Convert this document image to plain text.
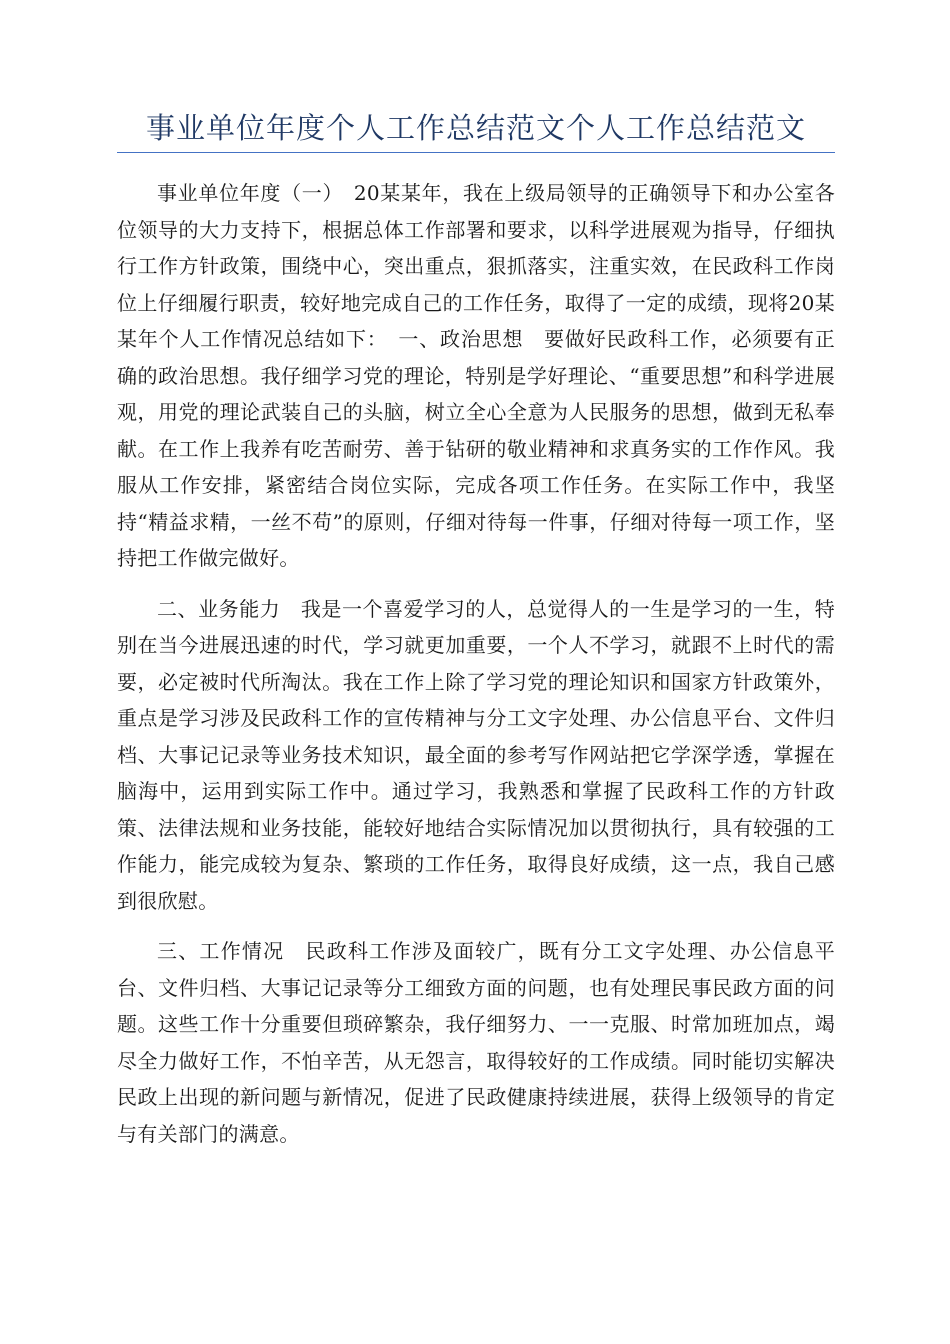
事业单位年度个人工作总结范文个人工作总结范文

事业单位年度（一）　20某某年，我在上级局领导的正确领导下和办公室各位领导的大力支持下，根据总体工作部署和要求，以科学进展观为指导，仔细执行工作方针政策，围绕中心，突出重点，狠抓落实，注重实效，在民政科工作岗位上仔细履行职责，较好地完成自己的工作任务，取得了一定的成绩，现将20某某年个人工作情况总结如下：　一、政治思想　要做好民政科工作，必须要有正确的政治思想。我仔细学习党的理论，特别是学好理论、“重要思想”和科学进展观，用党的理论武装自己的头脑，树立全心全意为人民服务的思想，做到无私奉献。在工作上我养有吃苦耐劳、善于钻研的敬业精神和求真务实的工作作风。我服从工作安排，紧密结合岗位实际，完成各项工作任务。在实际工作中，我坚持“精益求精，一丝不苟”的原则，仔细对待每一件事，仔细对待每一项工作，坚持把工作做完做好。

二、业务能力　我是一个喜爱学习的人，总觉得人的一生是学习的一生，特别在当今进展迅速的时代，学习就更加重要，一个人不学习，就跟不上时代的需要，必定被时代所淘汰。我在工作上除了学习党的理论知识和国家方针政策外，重点是学习涉及民政科工作的宣传精神与分工文字处理、办公信息平台、文件归档、大事记记录等业务技术知识，最全面的参考写作网站把它学深学透，掌握在脑海中，运用到实际工作中。通过学习，我熟悉和掌握了民政科工作的方针政策、法律法规和业务技能，能较好地结合实际情况加以贯彻执行，具有较强的工作能力，能完成较为复杂、繁琐的工作任务，取得良好成绩，这一点，我自己感到很欣慰。

三、工作情况　民政科工作涉及面较广，既有分工文字处理、办公信息平台、文件归档、大事记记录等分工细致方面的问题，也有处理民事民政方面的问题。这些工作十分重要但琐碎繁杂，我仔细努力、一一克服、时常加班加点，竭尽全力做好工作，不怕辛苦，从无怨言，取得较好的工作成绩。同时能切实解决民政上出现的新问题与新情况，促进了民政健康持续进展，获得上级领导的肯定与有关部门的满意。
